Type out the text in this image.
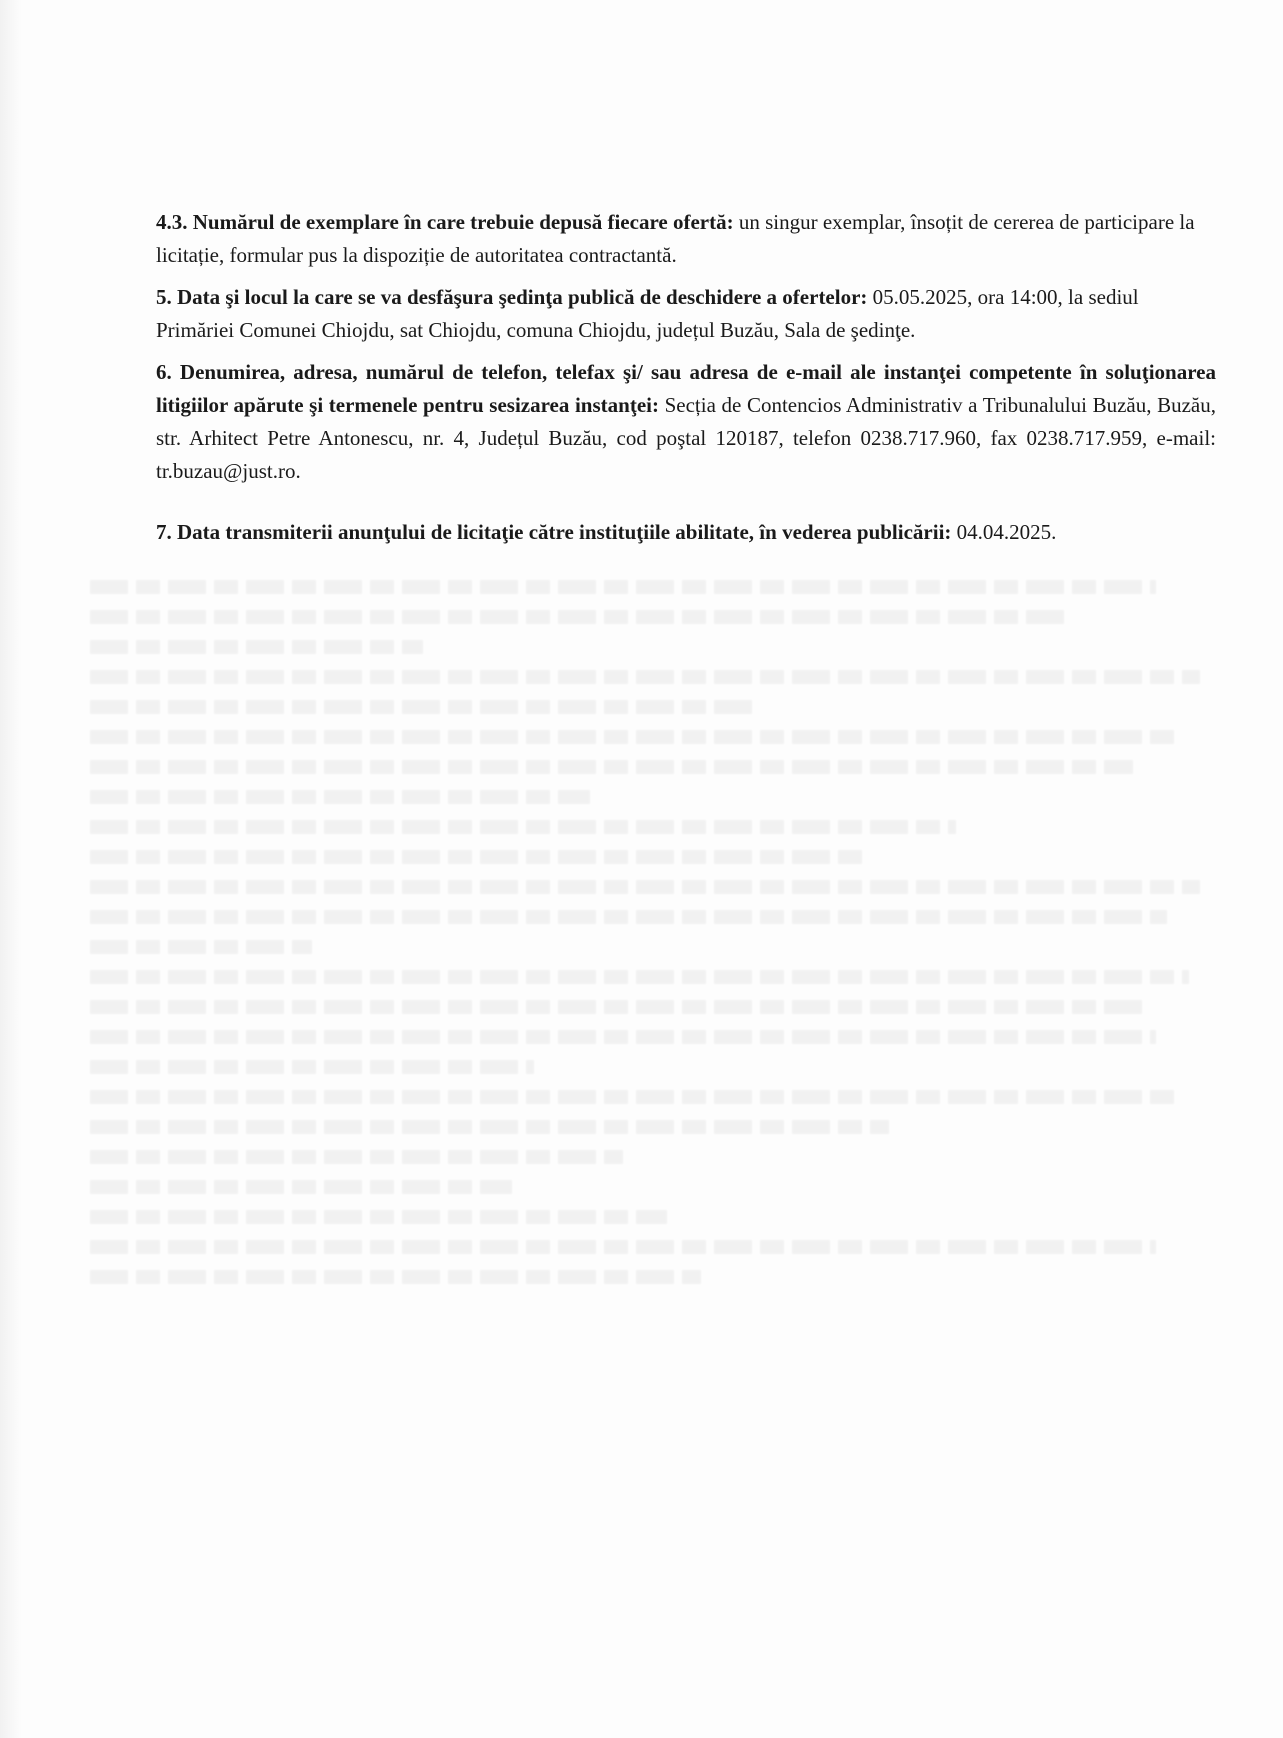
4.3. Numărul de exemplare în care trebuie depusă fiecare ofertă: un singur exemplar, însoțit de cererea de participare la licitație, formular pus la dispoziție de autoritatea contractantă.

5. Data şi locul la care se va desfăşura şedinţa publică de deschidere a ofertelor: 05.05.2025, ora 14:00, la sediul Primăriei Comunei Chiojdu, sat Chiojdu, comuna Chiojdu, județul Buzău, Sala de şedinţe.

6. Denumirea, adresa, numărul de telefon, telefax şi/ sau adresa de e-mail ale instanţei competente în soluţionarea litigiilor apărute şi termenele pentru sesizarea instanţei: Secția de Contencios Administrativ a Tribunalului Buzău, Buzău, str. Arhitect Petre Antonescu, nr. 4, Județul Buzău, cod poştal 120187, telefon 0238.717.960, fax 0238.717.959, e-mail: tr.buzau@just.ro.

7. Data transmiterii anunţului de licitaţie către instituţiile abilitate, în vederea publicării: 04.04.2025.
